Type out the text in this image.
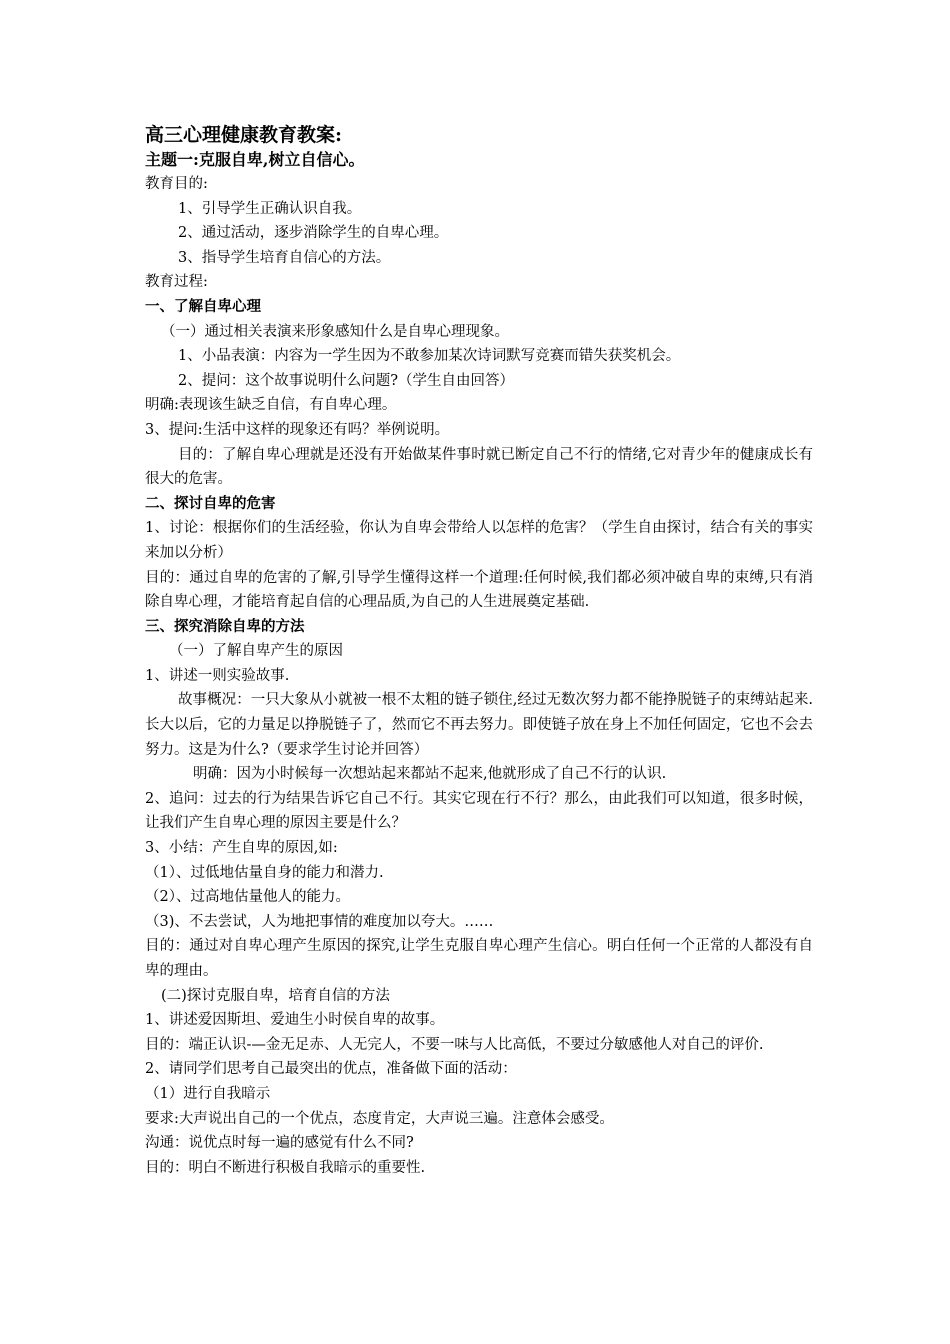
高三心理健康教育教案:
主题一:克服自卑,树立自信心。
教育目的:
1、引导学生正确认识自我。
2、通过活动，逐步消除学生的自卑心理。
3、指导学生培育自信心的方法。
教育过程:
一、了解自卑心理
（一）通过相关表演来形象感知什么是自卑心理现象。
1、小品表演：内容为一学生因为不敢参加某次诗词默写竞赛而错失获奖机会。
2、提问：这个故事说明什么问题?（学生自由回答）
明确:表现该生缺乏自信，有自卑心理。
3、提问:生活中这样的现象还有吗？举例说明。
目的：了解自卑心理就是还没有开始做某件事时就已断定自己不行的情绪,它对青少年的健康成长有很大的危害。
二、探讨自卑的危害
1、讨论：根据你们的生活经验，你认为自卑会带给人以怎样的危害？（学生自由探讨，结合有关的事实来加以分析）
目的：通过自卑的危害的了解,引导学生懂得这样一个道理:任何时候,我们都必须冲破自卑的束缚,只有消除自卑心理，才能培育起自信的心理品质,为自己的人生进展奠定基础.
三、探究消除自卑的方法
（一）了解自卑产生的原因
1、讲述一则实验故事.
故事概况：一只大象从小就被一根不太粗的链子锁住,经过无数次努力都不能挣脱链子的束缚站起来.长大以后，它的力量足以挣脱链子了，然而它不再去努力。即使链子放在身上不加任何固定，它也不会去努力。这是为什么?（要求学生讨论并回答）
明确：因为小时候每一次想站起来都站不起来,他就形成了自己不行的认识.
2、追问：过去的行为结果告诉它自己不行。其实它现在行不行？那么，由此我们可以知道，很多时候，让我们产生自卑心理的原因主要是什么？
3、小结：产生自卑的原因,如:
（1）、过低地估量自身的能力和潜力.
（2）、过高地估量他人的能力。
（3)、不去尝试，人为地把事情的难度加以夸大。……
目的：通过对自卑心理产生原因的探究,让学生克服自卑心理产生信心。明白任何一个正常的人都没有自卑的理由。
(二)探讨克服自卑，培育自信的方法
1、讲述爱因斯坦、爱迪生小时侯自卑的故事。
目的：端正认识-—金无足赤、人无完人，不要一味与人比高低，不要过分敏感他人对自己的评价.
2、请同学们思考自己最突出的优点，准备做下面的活动：
（1）进行自我暗示
要求:大声说出自己的一个优点，态度肯定，大声说三遍。注意体会感受。
沟通：说优点时每一遍的感觉有什么不同?
目的：明白不断进行积极自我暗示的重要性.
